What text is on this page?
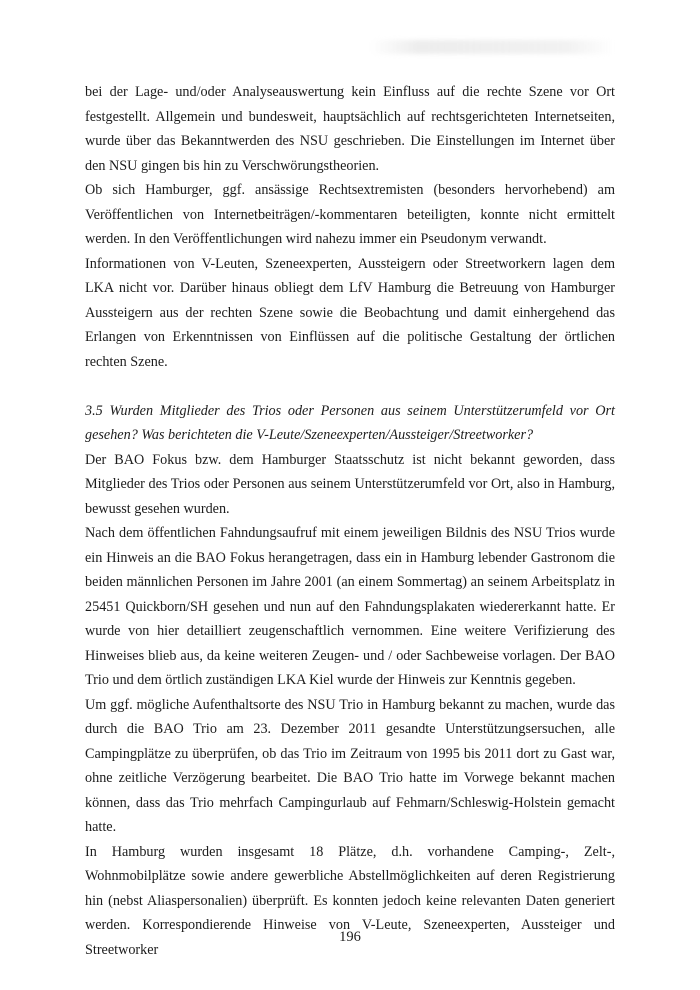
bei der Lage- und/oder Analyseauswertung kein Einfluss auf die rechte Szene vor Ort festgestellt. Allgemein und bundesweit, hauptsächlich auf rechtsgerichteten Internetseiten, wurde über das Bekanntwerden des NSU geschrieben. Die Einstellungen im Internet über den NSU gingen bis hin zu Verschwörungstheorien.

Ob sich Hamburger, ggf. ansässige Rechtsextremisten (besonders hervorhebend) am Veröffentlichen von Internetbeiträgen/-kommentaren beteiligten, konnte nicht ermittelt werden. In den Veröffentlichungen wird nahezu immer ein Pseudonym verwandt.

Informationen von V-Leuten, Szeneexperten, Aussteigern oder Streetworkern lagen dem LKA nicht vor. Darüber hinaus obliegt dem LfV Hamburg die Betreuung von Hamburger Aussteigern aus der rechten Szene sowie die Beobachtung und damit einhergehend das Erlangen von Erkenntnissen von Einflüssen auf die politische Gestaltung der örtlichen rechten Szene.

3.5 Wurden Mitglieder des Trios oder Personen aus seinem Unterstützerumfeld vor Ort gesehen? Was berichteten die V-Leute/Szeneexperten/Aussteiger/Streetworker?

Der BAO Fokus bzw. dem Hamburger Staatsschutz ist nicht bekannt geworden, dass Mitglieder des Trios oder Personen aus seinem Unterstützerumfeld vor Ort, also in Hamburg, bewusst gesehen wurden.

Nach dem öffentlichen Fahndungsaufruf mit einem jeweiligen Bildnis des NSU Trios wurde ein Hinweis an die BAO Fokus herangetragen, dass ein in Hamburg lebender Gastronom die beiden männlichen Personen im Jahre 2001 (an einem Sommertag) an seinem Arbeitsplatz in 25451 Quickborn/SH gesehen und nun auf den Fahndungsplakaten wiedererkannt hatte. Er wurde von hier detailliert zeugenschaftlich vernommen. Eine weitere Verifizierung des Hinweises blieb aus, da keine weiteren Zeugen- und / oder Sachbeweise vorlagen. Der BAO Trio und dem örtlich zuständigen LKA Kiel wurde der Hinweis zur Kenntnis gegeben.

Um ggf. mögliche Aufenthaltsorte des NSU Trio in Hamburg bekannt zu machen, wurde das durch die BAO Trio am 23. Dezember 2011 gesandte Unterstützungsersuchen, alle Campingplätze zu überprüfen, ob das Trio im Zeitraum von 1995 bis 2011 dort zu Gast war, ohne zeitliche Verzögerung bearbeitet. Die BAO Trio hatte im Vorwege bekannt machen können, dass das Trio mehrfach Campingurlaub auf Fehmarn/Schleswig-Holstein gemacht hatte.

In Hamburg wurden insgesamt 18 Plätze, d.h. vorhandene Camping-, Zelt-, Wohnmobilplätze sowie andere gewerbliche Abstellmöglichkeiten auf deren Registrierung hin (nebst Aliaspersonalien) überprüft. Es konnten jedoch keine relevanten Daten generiert werden. Korrespondierende Hinweise von V-Leute, Szeneexperten, Aussteiger und Streetworker

196
